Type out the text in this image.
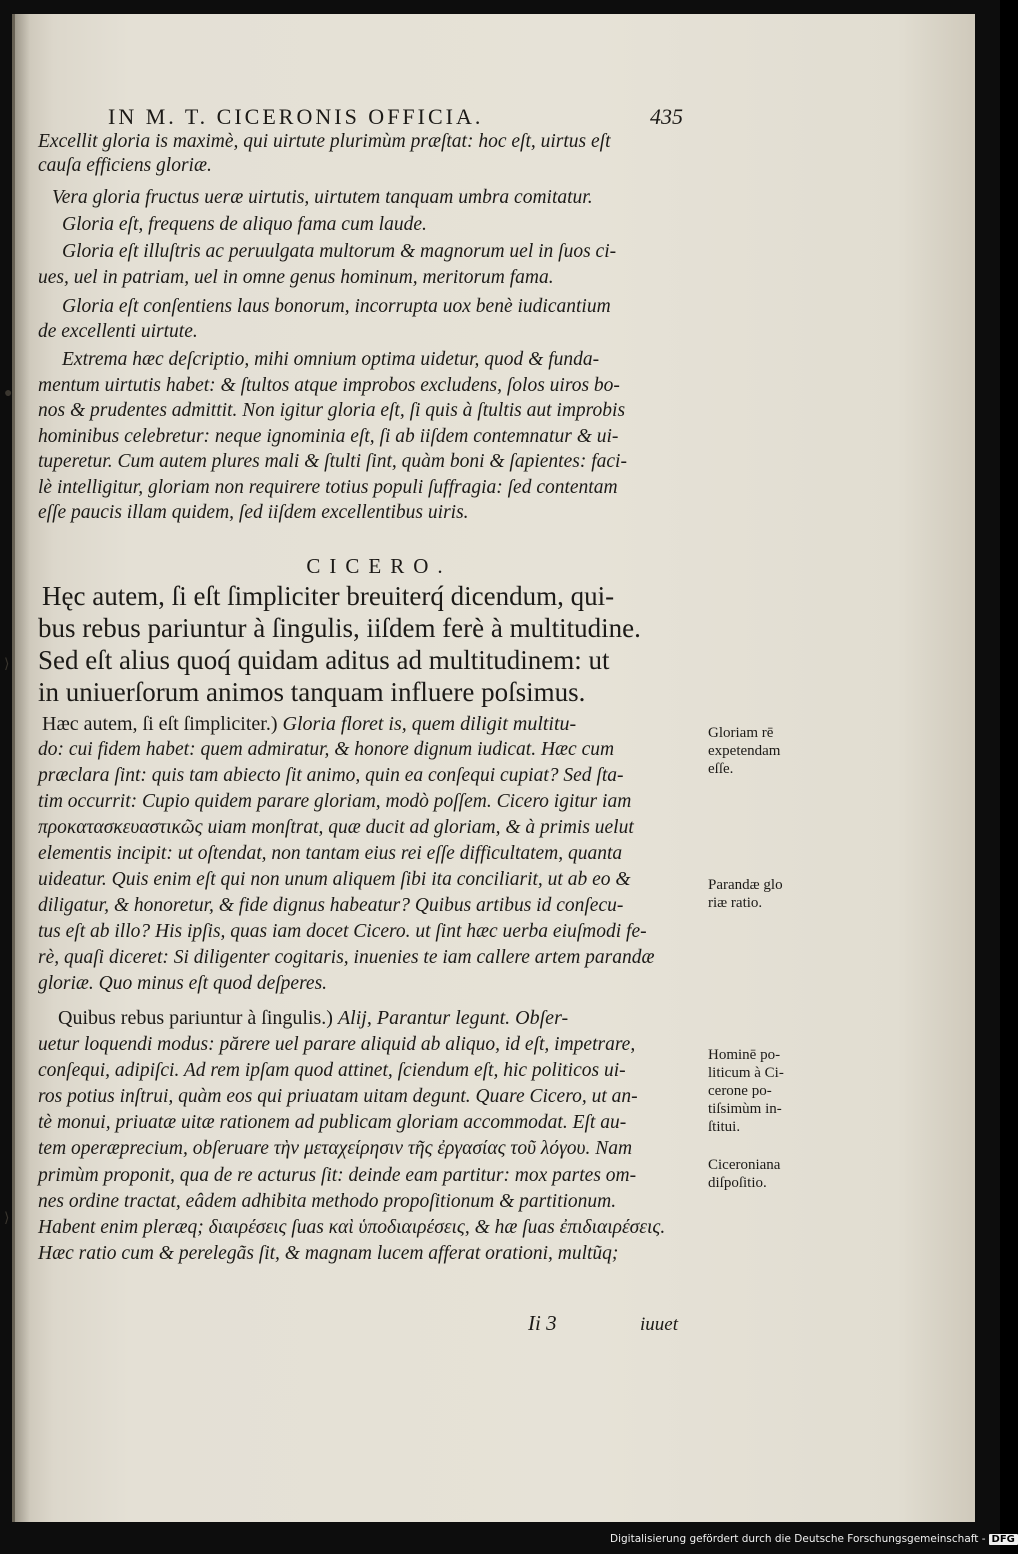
IN M. T. CICERONIS OFFICIA.	435
Excellit gloria is maximè, qui uirtute plurimùm præſtat: hoc eſt, uirtus eſt
cauſa efficiens gloriæ.
Vera gloria fructus ueræ uirtutis, uirtutem tanquam umbra comitatur.
Gloria eſt, frequens de aliquo fama cum laude.
Gloria eſt illuſtris ac peruulgata multorum & magnorum uel in ſuos ci-
ues, uel in patriam, uel in omne genus hominum, meritorum fama.
Gloria eſt conſentiens laus bonorum, incorrupta uox benè iudicantium
de excellenti uirtute.
Extrema hæc deſcriptio, mihi omnium optima uidetur, quod & funda-
mentum uirtutis habet: & ſtultos atque improbos excludens, ſolos uiros bo-
nos & prudentes admittit. Non igitur gloria eſt, ſi quis à ſtultis aut improbis
hominibus celebretur: neque ignominia eſt, ſi ab iiſdem contemnatur & ui-
tuperetur. Cum autem plures mali & ſtulti ſint, quàm boni & ſapientes: faci-
lè intelligitur, gloriam non requirere totius populi ſuffragia: ſed contentam
eſſe paucis illam quidem, ſed iiſdem excellentibus uiris.
CICERO.
Hęc autem, ſi eſt ſimpliciter breuiterq́ dicendum, qui-
bus rebus pariuntur à ſingulis, iiſdem ferè à multitudine.
Sed eſt alius quoq́ quidam aditus ad multitudinem: ut
in uniuerſorum animos tanquam influere poſsimus.
Hæc autem, ſi eſt ſimpliciter.) Gloria floret is, quem diligit multitu-
do: cui fidem habet: quem admiratur, & honore dignum iudicat. Hæc cum
præclara ſint: quis tam abiecto ſit animo, quin ea conſequi cupiat? Sed ſta-
tim occurrit: Cupio quidem parare gloriam, modò poſſem. Cicero igitur iam
προκατασκευαστικῶς uiam monſtrat, quæ ducit ad gloriam, & à primis uelut
elementis incipit: ut oſtendat, non tantam eius rei eſſe difficultatem, quanta
uideatur. Quis enim eſt qui non unum aliquem ſibi ita conciliarit, ut ab eo &
diligatur, & honoretur, & fide dignus habeatur? Quibus artibus id conſecu-
tus eſt ab illo? His ipſis, quas iam docet Cicero. ut ſint hæc uerba eiuſmodi fe-
rè, quaſi diceret: Si diligenter cogitaris, inuenies te iam callere artem parandæ
gloriæ. Quo minus eſt quod deſperes.
Quibus rebus pariuntur à ſingulis.) Alij, Parantur legunt. Obſer-
uetur loquendi modus: părere uel parare aliquid ab aliquo, id eſt, impetrare,
conſequi, adipiſci. Ad rem ipſam quod attinet, ſciendum eſt, hic politicos ui-
ros potius inſtrui, quàm eos qui priuatam uitam degunt. Quare Cicero, ut an-
tè monui, priuatæ uitæ rationem ad publicam gloriam accommodat. Eſt au-
tem operæprecium, obſeruare τὴν μεταχείρησιν τῆς ἐργασίας τοῦ λόγου. Nam
primùm proponit, qua de re acturus ſit: deinde eam partitur: mox partes om-
nes ordine tractat, eâdem adhibita methodo propoſitionum & partitionum.
Habent enim pleræq; διαιρέσεις ſuas καὶ ὑποδιαιρέσεις, & hæ ſuas ἐπιδιαιρέσεις.
Hæc ratio cum & perelegãs ſit, & magnam lucem afferat orationi, multũq;
Gloriam rē
expetendam
eſſe.
Parandæ glo
riæ ratio.
Hominē po-
liticum à Ci-
cerone po-
tiſsimùm in-
ſtitui.
Ciceroniana
diſpoſitio.
●
⟩
⟩
Ii 3	iuuet
Digitalisierung gefördert durch die Deutsche Forschungsgemeinschaft - DFG
